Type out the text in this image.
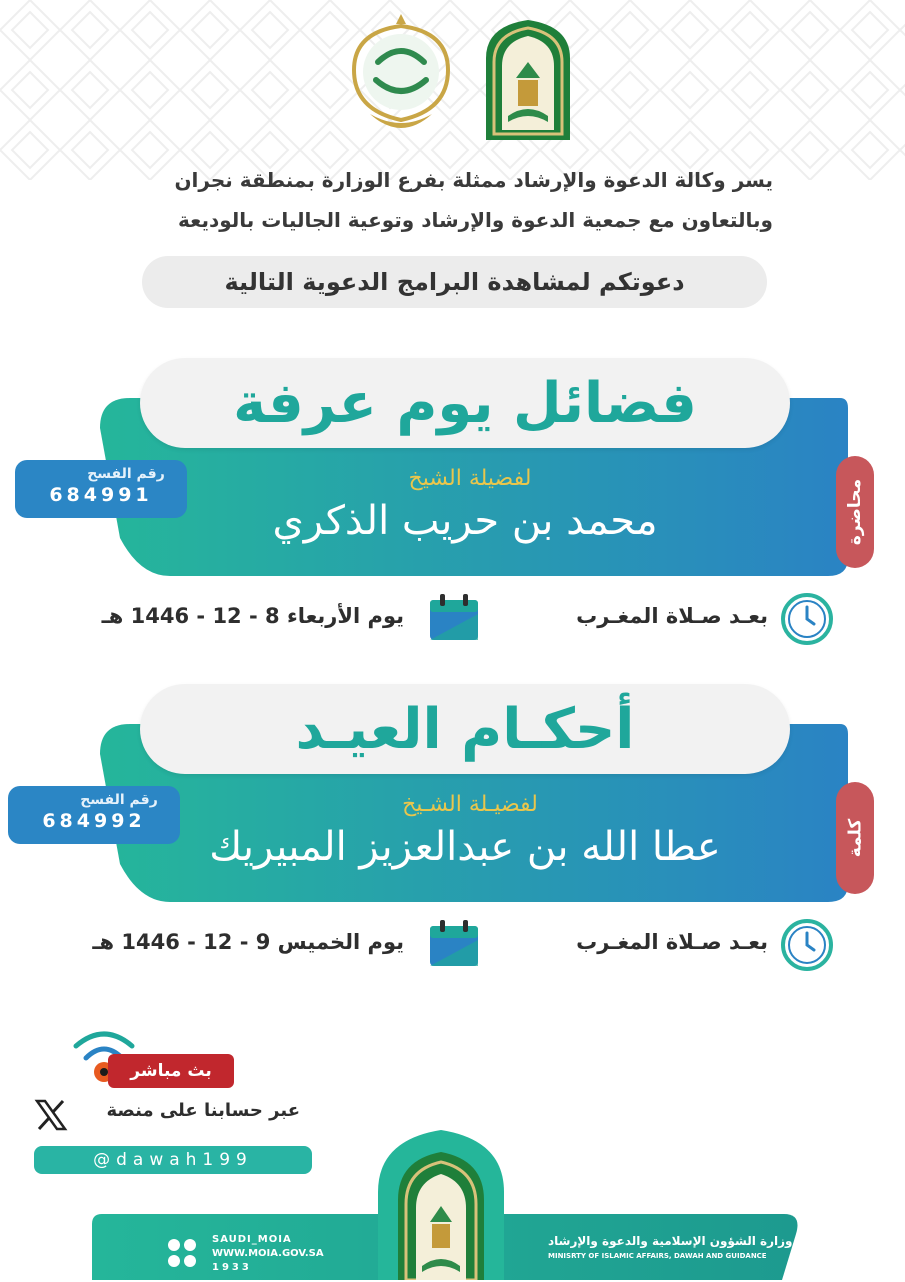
يسر وكالة الدعوة والإرشاد ممثلة بفرع الوزارة بمنطقة نجران
وبالتعاون مع جمعية الدعوة والإرشاد وتوعية الجاليات بالوديعة
دعوتكم لمشاهدة البرامج الدعوية التالية
فضائل يوم عرفة
لفضيلة الشيخ
محمد بن حريب الذكري	محاضرة
رقم الفسح
684991
بعـد صـلاة المغـرب
يوم الأربعاء 8 - 12 - 1446 هـ
أحكـام العيـد
لفضيـلة الشـيخ
عطا الله بن عبدالعزيز المبيريك	كلمة
رقم الفسح
684992
بعـد صـلاة المغـرب
يوم الخميس 9 - 12 - 1446 هـ
بث مباشر
عبر حسابنا على منصة
@dawah199
وزارة الشؤون الإسلامية والدعوة والإرشاد
MINISRTY OF ISLAMIC AFFAIRS, DAWAH AND GUIDANCE
SAUDI_MOIA
WWW.MOIA.GOV.SA
1933
